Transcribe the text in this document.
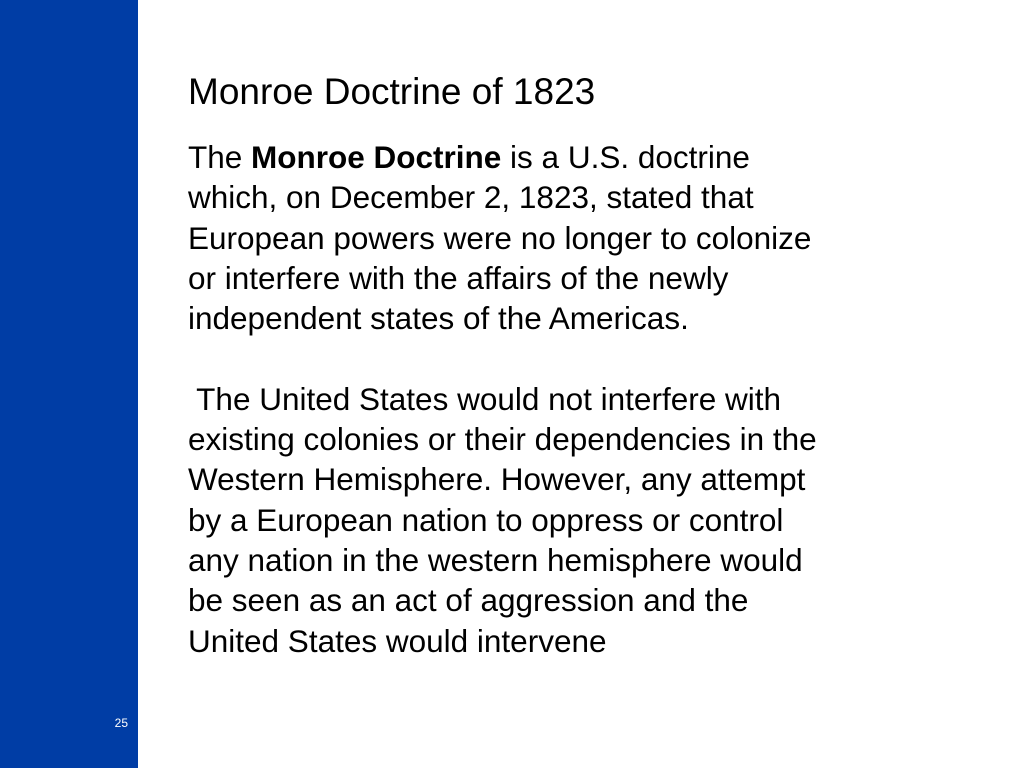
25
Monroe Doctrine of 1823

The Monroe Doctrine is a U.S. doctrine
which, on December 2, 1823, stated that
European powers were no longer to colonize
or interfere with the affairs of the newly
independent states of the Americas.

The United States would not interfere with
existing colonies or their dependencies in the
Western Hemisphere. However, any attempt
by a European nation to oppress or control
any nation in the western hemisphere would
be seen as an act of aggression and the
United States would intervene
